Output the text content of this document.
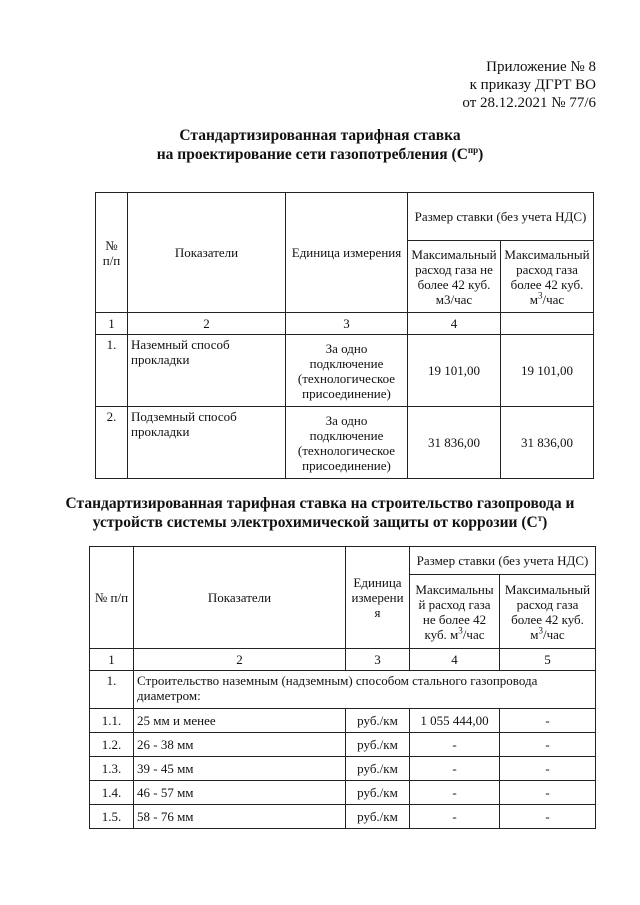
Приложение № 8
к приказу ДГРТ ВО
от 28.12.2021 № 77/6
Стандартизированная тарифная ставка
на проектирование сети газопотребления $(С^{пр})$
№ п/п	Показатели	Единица измерения	Размер ставки (без учета НДС)	
			Максимальный расход газа не более 42 куб. м3/час	Максимальный расход газа более 42 куб. $м^3$/час
1	2	3	4	
1.	Наземный способ прокладки	За одно подключение (технологическое присоединение)	19 101,00	19 101,00
2.	Подземный способ прокладки	За одно подключение (технологическое присоединение)	31 836,00	31 836,00
Стандартизированная тарифная ставка на строительство газопровода и
устройств системы электрохимической защиты от коррозии $(С^т)$
№ п/п	Показатели	Единица измерения	Размер ставки (без учета НДС)	
			Максимальный расход газа не более 42 куб. $м^3$/час	Максимальный расход газа более 42 куб. $м^3$/час
1	2	3	4	5
1.	Строительство наземным (надземным) способом стального газопровода диаметром:			
1.1.	25 мм и менее	руб./км	1 055 444,00	-
1.2.	26 - 38 мм	руб./км	-	-
1.3.	39 - 45 мм	руб./км	-	-
1.4.	46 - 57 мм	руб./км	-	-
1.5.	58 - 76 мм	руб./км	-	-
